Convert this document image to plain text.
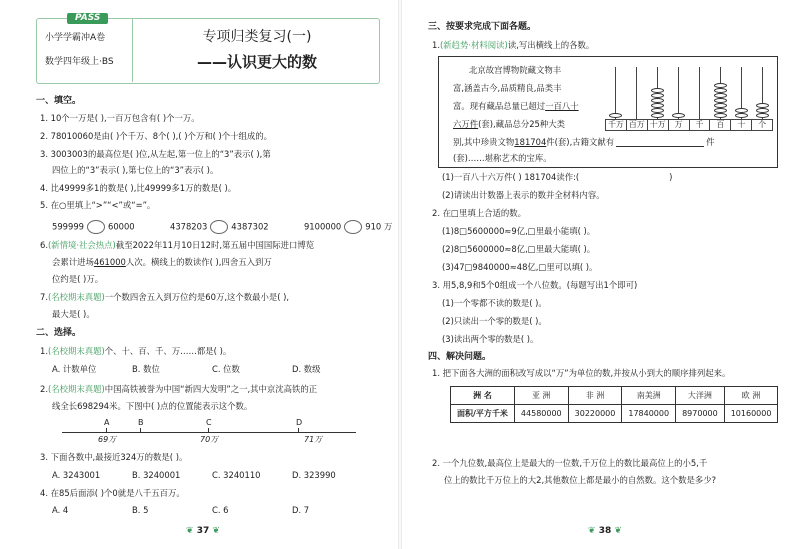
PASS
小学学霸冲A卷
数学四年级上·BS
专项归类复习(一)
——认识更大的数
一、填空。
1. 10个一万是( ),一百万包含有( )个一万。
2. 78010060是由( )个千万、8个( ),( )个万和( )个十组成的。
3. 3003003的最高位是( )位,从左起,第一位上的“3”表示( ),第
四位上的“3”表示( ),第七位上的“3”表示( )。
4. 比49999多1的数是( ),比49999多1万的数是( )。
5. 在○里填上“>”“<”或“=”。
599999	60000	4378203	4387302	9100000	910 万
6.(新情境·社会热点)截至2022年11月10日12时,第五届中国国际进口博览
会累计进场461000人次。横线上的数读作( ),四舍五入到万
位约是( )万。
7.(名校期末真题)一个数四舍五入到万位约是60万,这个数最小是( ),
最大是( )。
二、选择。
1.(名校期末真题)个、十、百、千、万……都是( )。
A. 计数单位	B. 数位	C. 位数	D. 数级
2.(名校期末真题)中国高铁被誉为中国“新四大发明”之一,其中京沈高铁的正
线全长698294米。下图中( )点的位置能表示这个数。
A	B	C	D
69万	70万	71万
3. 下面各数中,最接近324万的数是( )。
A. 3243001	B. 3240001	C. 3240110	D. 323990
4. 在85后面添( )个0就是八千五百万。
A. 4	B. 5	C. 6	D. 7
❦ 37 ❦
三、按要求完成下面各题。
1.(新趋势·材料阅读)读,写出横线上的各数。
北京故宫博物院藏文物丰
富,涵盖古今,品质精良,品类丰
富。现有藏品总量已超过一百八十
六万件(套),藏品总分25种大类
别,其中珍贵文物181704件(套),古籍文献有	件
(套)……堪称艺术的宝库。
千万 百万 十万	万	千	百	十	个
(1)一百八十六万件( ) 181704读作:(	)
(2)请读出计数器上表示的数并全材料内容。
2. 在□里填上合适的数。
(1)8□5600000≈9亿,□里最小能填( )。
(2)8□5600000≈8亿,□里最大能填( )。
(3)47□9840000≈48亿,□里可以填( )。
3. 用5,8,9和5个0组成一个八位数。(每题写出1个即可)
(1)一个零都不读的数是( )。
(2)只读出一个零的数是( )。
(3)读出两个零的数是( )。
四、解决问题。
1. 把下面各大洲的面积改写成以“万”为单位的数,并按从小到大的顺序排列起来。
洲 名	亚 洲	非 洲	南美洲	大洋洲	欧 洲
面积/平方千米	44580000	30220000	17840000	8970000	10160000
2. 一个九位数,最高位上是最大的一位数,千万位上的数比最高位上的小5,千
位上的数比千万位上的大2,其他数位上都是最小的自然数。这个数是多少?
❦ 38 ❦
